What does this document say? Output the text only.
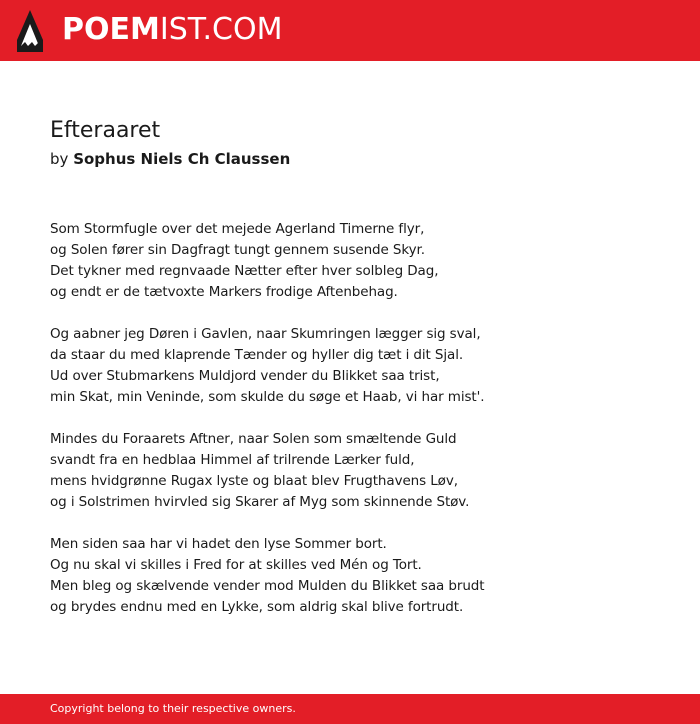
POEMIST.COM
Efteraaret
by Sophus Niels Ch Claussen
Som Stormfugle over det mejede Agerland Timerne flyr,
og Solen fører sin Dagfragt tungt gennem susende Skyr.
Det tykner med regnvaade Nætter efter hver solbleg Dag,
og endt er de tætvoxte Markers frodige Aftenbehag.
Og aabner jeg Døren i Gavlen, naar Skumringen lægger sig sval,
da staar du med klaprende Tænder og hyller dig tæt i dit Sjal.
Ud over Stubmarkens Muldjord vender du Blikket saa trist,
min Skat, min Veninde, som skulde du søge et Haab, vi har mist'.
Mindes du Foraarets Aftner, naar Solen som smæltende Guld
svandt fra en hedblaa Himmel af trilrende Lærker fuld,
mens hvidgrønne Rugax lyste og blaat blev Frugthavens Løv,
og i Solstrimen hvirvled sig Skarer af Myg som skinnende Støv.
Men siden saa har vi hadet den lyse Sommer bort.
Og nu skal vi skilles i Fred for at skilles ved Mén og Tort.
Men bleg og skælvende vender mod Mulden du Blikket saa brudt
og brydes endnu med en Lykke, som aldrig skal blive fortrudt.
Copyright belong to their respective owners.
